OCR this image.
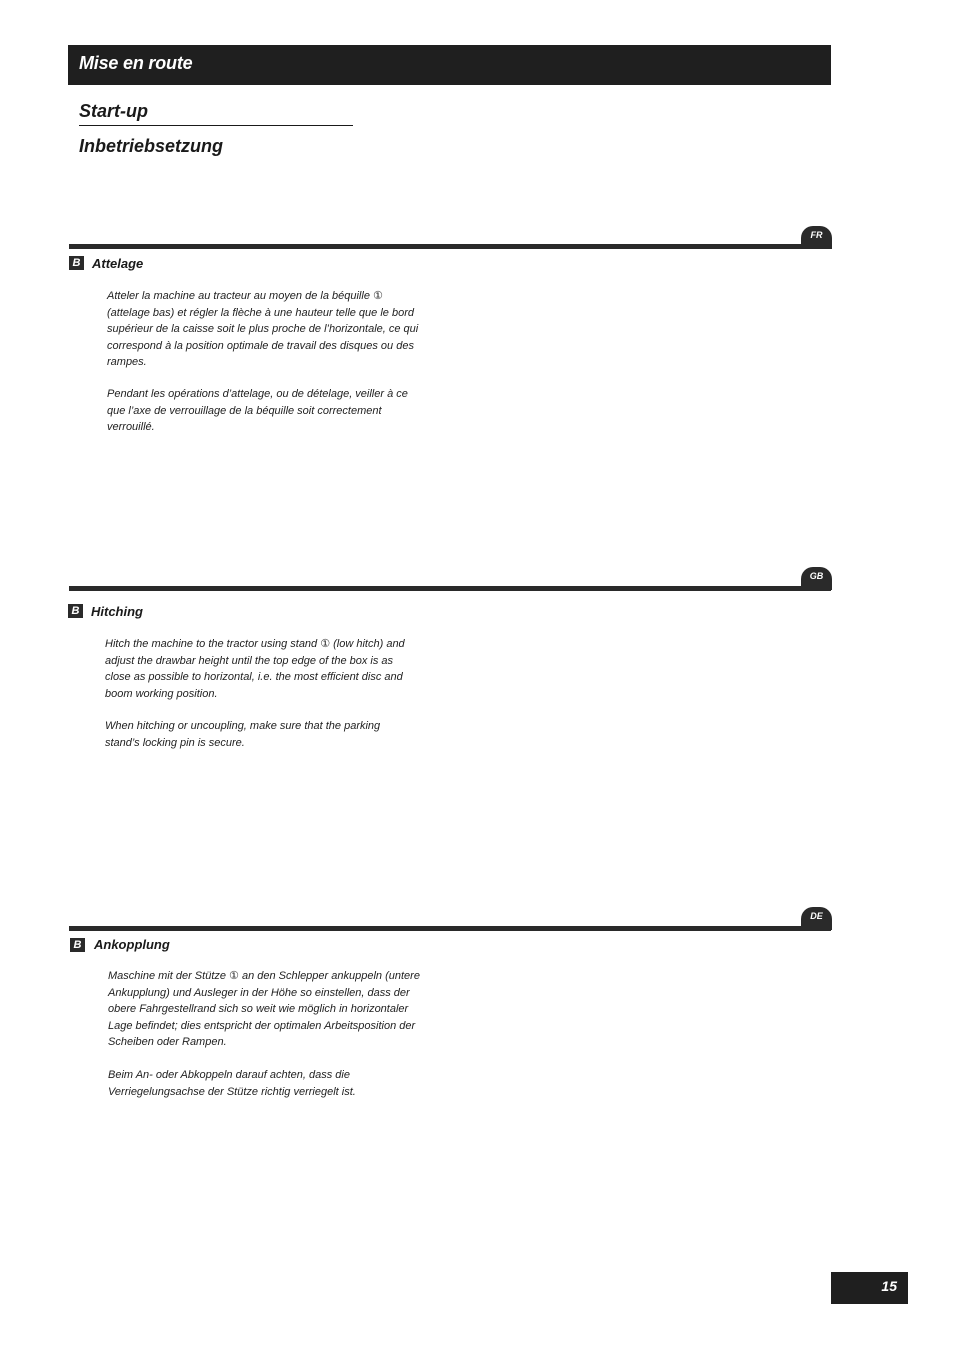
Mise en route
Start-up
Inbetriebsetzung
FR
B Attelage

Atteler la machine au tracteur au moyen de la béquille ① (attelage bas) et régler la flèche à une hauteur telle que le bord supérieur de la caisse soit le plus proche de l’horizontale, ce qui correspond à la position optimale de travail des disques ou des rampes.

Pendant les opérations d’attelage, ou de dételage, veiller à ce que l’axe de verrouillage de la béquille soit correctement verrouillé.

GB
B Hitching

Hitch the machine to the tractor using stand ① (low hitch) and adjust the drawbar height until the top edge of the box is as close as possible to horizontal, i.e. the most efficient disc and boom working position.

When hitching or uncoupling, make sure that the parking stand’s locking pin is secure.

DE
B Ankopplung

Maschine mit der Stütze ① an den Schlepper ankuppeln (untere Ankupplung) und Ausleger in der Höhe so einstellen, dass der obere Fahrgestellrand sich so weit wie möglich in horizontaler Lage befindet; dies entspricht der optimalen Arbeitsposition der Scheiben oder Rampen.

Beim An- oder Abkoppeln darauf achten, dass die Verriegelungsachse der Stütze richtig verriegelt ist.

15
